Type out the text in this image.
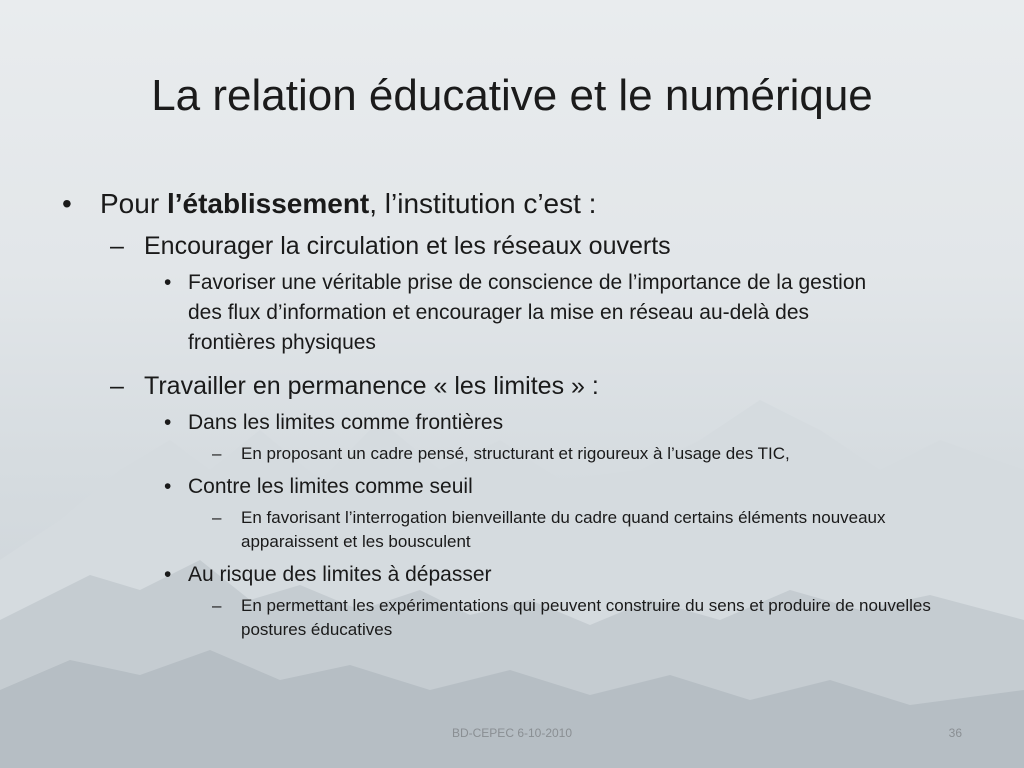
La relation éducative et le numérique
• Pour l’établissement, l’institution c’est :
– Encourager la circulation et les réseaux ouverts
• Favoriser une véritable prise de conscience de l’importance de la gestion des flux d’information et encourager la mise en réseau au-delà des frontières physiques
– Travailler en permanence « les limites » :
• Dans les limites comme frontières
– En proposant un cadre pensé, structurant et rigoureux à l’usage des TIC,
• Contre les limites comme seuil
– En favorisant l’interrogation bienveillante du cadre quand certains éléments nouveaux apparaissent et les bousculent
• Au risque des limites à dépasser
– En permettant les expérimentations qui peuvent construire du sens et produire de nouvelles postures éducatives
BD-CEPEC 6-10-2010	36
